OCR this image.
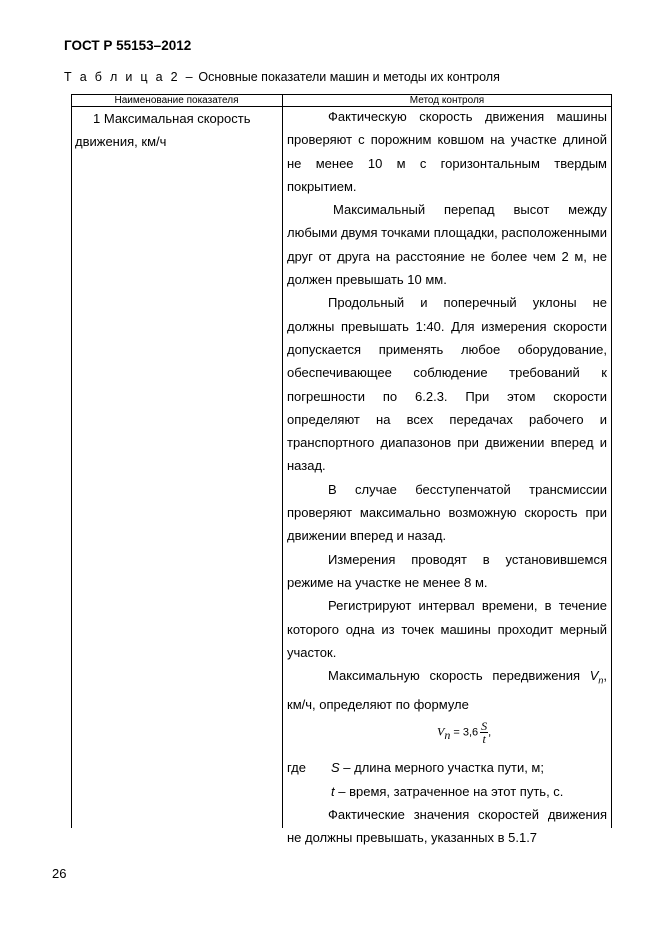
ГОСТ Р 55153–2012
Т а б л и ц а 2 – Основные показатели машин и методы их контроля
Наименование показателя	Метод контроля
1 Максимальная скорость движения, км/ч

Фактическую скорость движения машины проверяют с порожним ковшом на участке длиной не менее 10 м с горизонтальным твердым покрытием.

Максимальный перепад высот между любыми двумя точками площадки, расположенными друг от друга на расстояние не более чем 2 м, не должен превышать 10 мм.

Продольный и поперечный уклоны не должны превышать 1:40. Для измерения скорости допускается применять любое оборудование, обеспечивающее соблюдение требований к погрешности по 6.2.3. При этом скорости определяют на всех передачах рабочего и транспортного диапазонов при движении вперед и назад.

В случае бесступенчатой трансмиссии проверяют максимально возможную скорость при движении вперед и назад.

Измерения проводят в установившемся режиме на участке не менее 8 м.

Регистрируют интервал времени, в течение которого одна из точек машины проходит мерный участок.

Максимальную скорость передвижения $V_n$, км/ч, определяют по формуле

$V_n = 3,6 \frac{S}{t}$ ,
где S – длина мерного участка пути, м;
t – время, затраченное на этот путь, с.

Фактические значения скоростей движения не должны превышать, указанных в 5.1.7

26
